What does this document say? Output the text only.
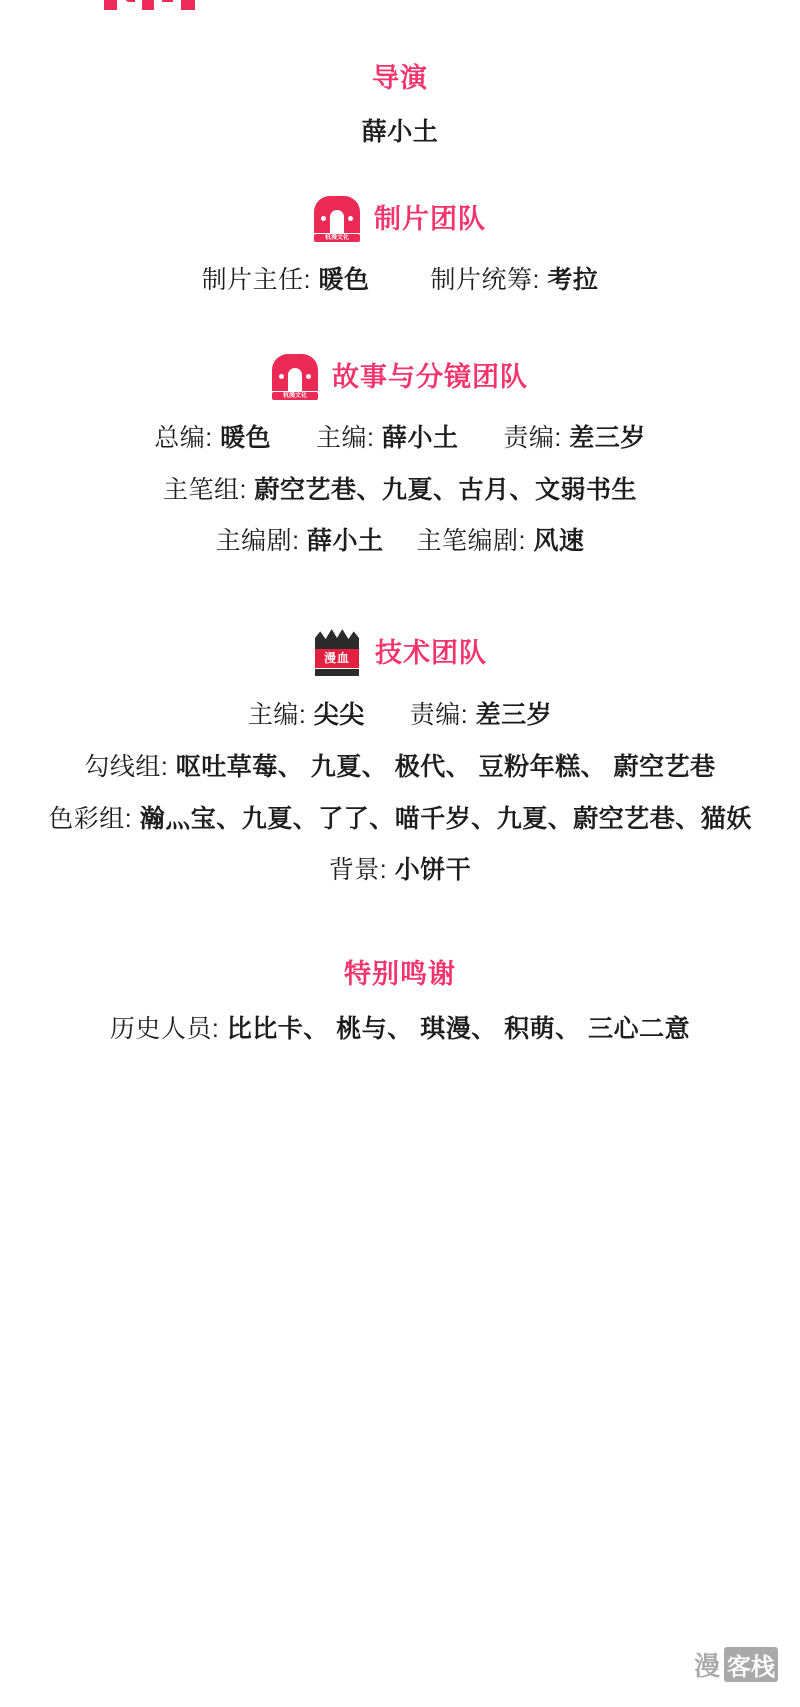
导演
薛小土
杭漫文化
制片团队
制片主任: 暖色 制片统筹: 考拉
杭漫文化
故事与分镜团队
总编: 暖色 主编: 薛小土 责编: 差三岁
主笔组: 蔚空艺巷、九夏、古月、文弱书生
主编剧: 薛小土 主笔编剧: 风速
漫血 技术团队
主编: 尖尖 责编: 差三岁
勾线组: 呕吐草莓、 九夏、 极代、 豆粉年糕、 蔚空艺巷
色彩组: 瀚灬宝、九夏、了了、喵千岁、九夏、蔚空艺巷、猫妖
背景: 小饼干
特别鸣谢
历史人员: 比比卡、 桃与、 琪漫、 积萌、 三心二意
漫 客栈
